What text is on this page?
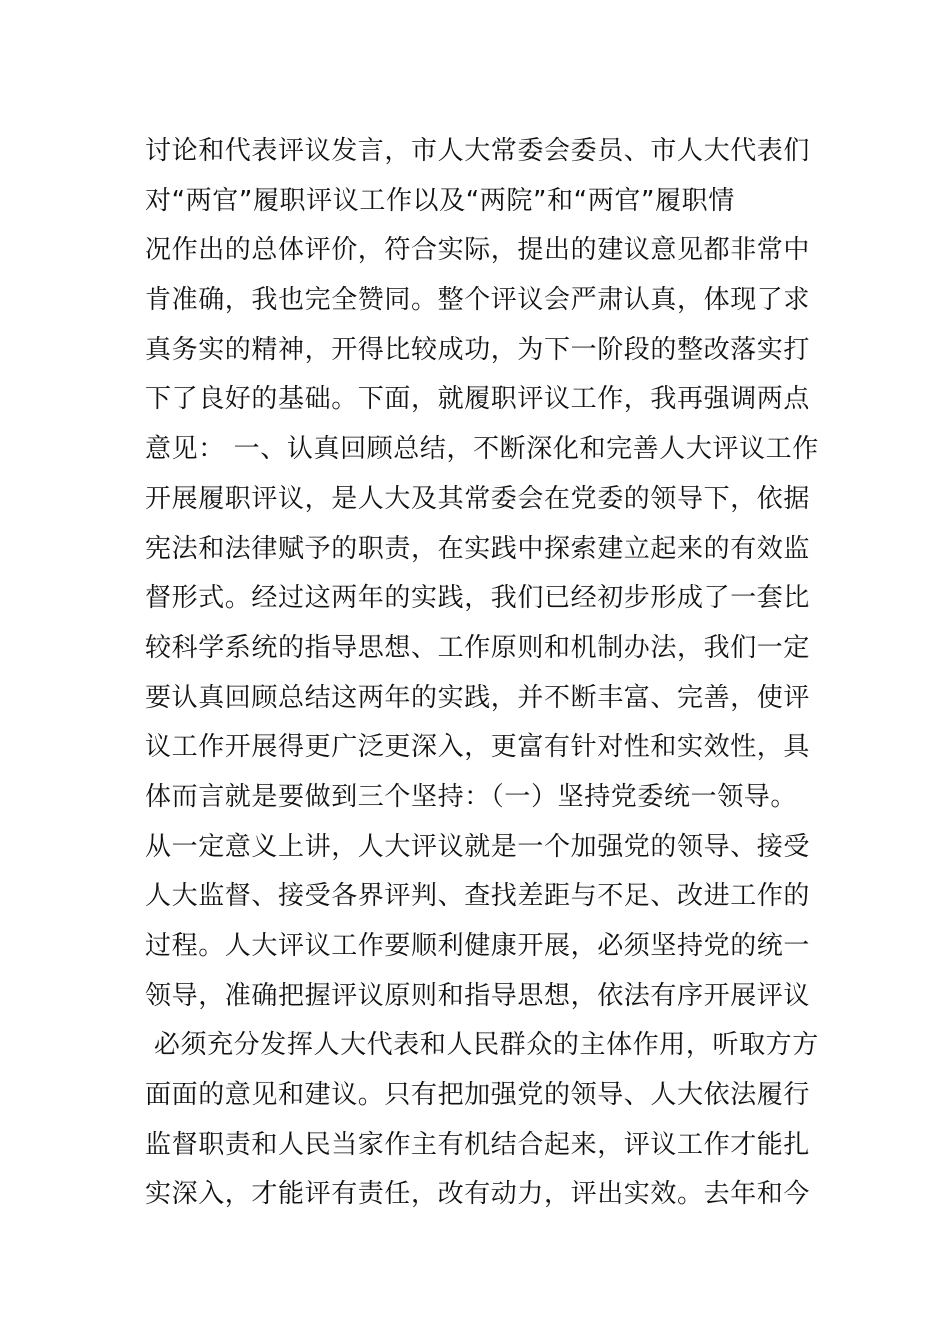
讨论和代表评议发言，市人大常委会委员、市人大代表们
对“两官”履职评议工作以及“两院”和“两官”履职情
况作出的总体评价，符合实际，提出的建议意见都非常中
肯准确，我也完全赞同。整个评议会严肃认真，体现了求
真务实的精神，开得比较成功，为下一阶段的整改落实打
下了良好的基础。下面，就履职评议工作，我再强调两点
意见： 一、认真回顾总结，不断深化和完善人大评议工作
开展履职评议，是人大及其常委会在党委的领导下，依据
宪法和法律赋予的职责，在实践中探索建立起来的有效监
督形式。经过这两年的实践，我们已经初步形成了一套比
较科学系统的指导思想、工作原则和机制办法，我们一定
要认真回顾总结这两年的实践，并不断丰富、完善，使评
议工作开展得更广泛更深入，更富有针对性和实效性，具
体而言就是要做到三个坚持：（一）坚持党委统一领导。
从一定意义上讲，人大评议就是一个加强党的领导、接受
人大监督、接受各界评判、查找差距与不足、改进工作的
过程。人大评议工作要顺利健康开展，必须坚持党的统一
领导，准确把握评议原则和指导思想，依法有序开展评议
必须充分发挥人大代表和人民群众的主体作用，听取方方
面面的意见和建议。只有把加强党的领导、人大依法履行
监督职责和人民当家作主有机结合起来，评议工作才能扎
实深入，才能评有责任，改有动力，评出实效。去年和今
